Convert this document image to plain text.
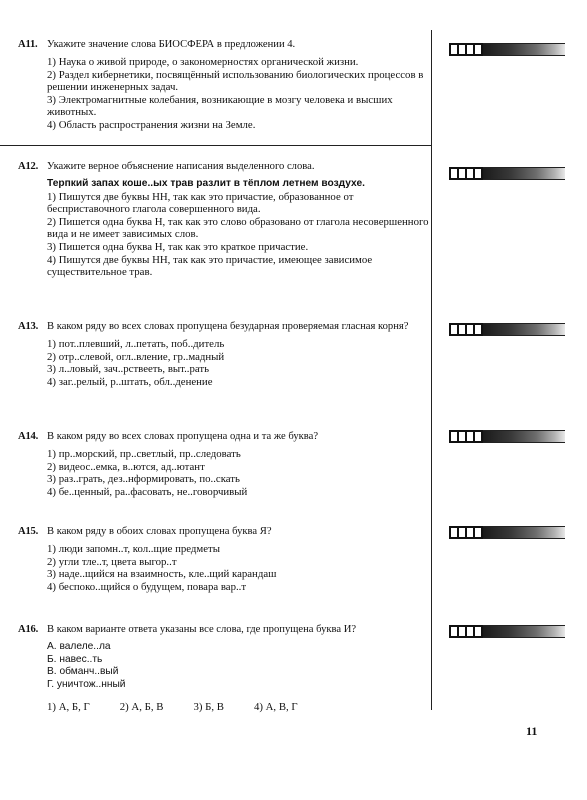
A11. Укажите значение слова БИОСФЕРА в предложении 4.

1) Наука о живой природе, о закономерностях органической жизни.

2) Раздел кибернетики, посвящённый использованию биологических процессов в решении инженерных задач.

3) Электромагнитные колебания, возникающие в мозгу человека и высших животных.

4) Область распространения жизни на Земле.

A12. Укажите верное объяснение написания выделенного слова.

Терпкий запах коше..ых трав разлит в тёплом летнем воздухе.

1) Пишутся две буквы НН, так как это причастие, образованное от бесприставочного глагола совершенного вида.

2) Пишется одна буква Н, так как это слово образовано от глагола несовершенного вида и не имеет зависимых слов.

3) Пишется одна буква Н, так как это краткое причастие.

4) Пишутся две буквы НН, так как это причастие, имеющее зависимое существительное трав.

A13. В каком ряду во всех словах пропущена безударная проверяемая гласная корня?

1) пот..плевший, л..петать, поб..дитель

2) отр..слевой, огл..вление, гр..мадный

3) л..ловый, зач..рствееть, выт..рать

4) заг..релый, р..штать, обл..денение

A14. В каком ряду во всех словах пропущена одна и та же буква?

1) пр..морский, пр..светлый, пр..следовать

2) видеос..емка, в..ются, ад..ютант

3) раз..грать, дез..нформировать, по..скать

4) бе..ценный, ра..фасовать, не..говорчивый

A15. В каком ряду в обоих словах пропущена буква Я?

1) люди запомн..т, кол..щие предметы

2) угли тле..т, цвета выгор..т

3) наде..щийся на взаимность, кле..щий карандаш

4) беспоко..щийся о будущем, повара вар..т

A16. В каком варианте ответа указаны все слова, где пропущена буква И?

А. валеле..ла

Б. навес..ть

В. обманч..вый

Г. уничтож..нный

1) А, Б, Г	2) А, Б, В	3) Б, В	4) А, В, Г
11
